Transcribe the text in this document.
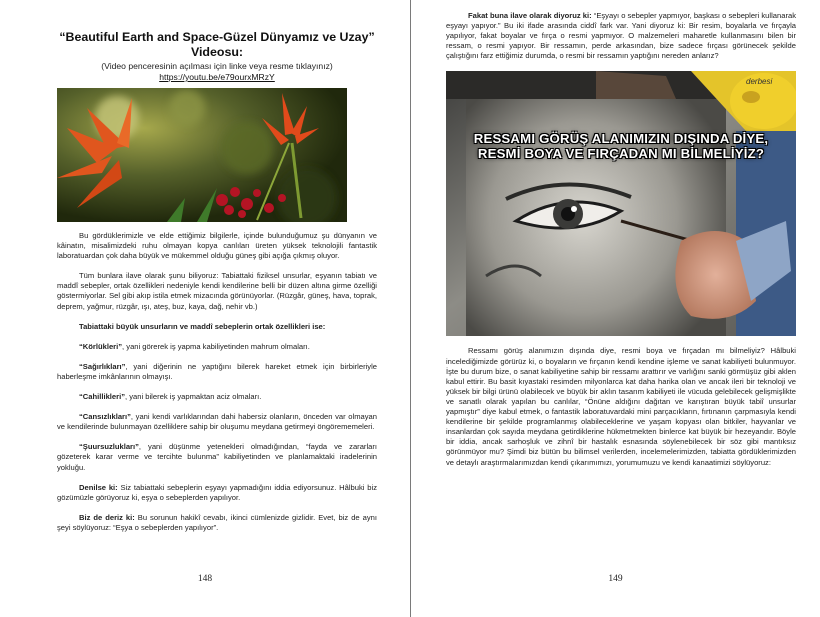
“Beautiful Earth and Space-Güzel Dünyamız ve Uzay” Videosu:
(Video penceresinin açılması için linke veya resme tıklayınız)
https://youtu.be/e79ourxMRzY

Bu gördüklerimizle ve elde ettiğimiz bilgilerle, içinde bulunduğumuz şu dünyanın ve kâinatın, misalimizdeki ruhu olmayan kopya canlıları üreten yüksek teknolojili fantastik laboratuardan çok daha büyük ve mükemmel olduğu güneş gibi açığa çıkmış oluyor.

Tüm bunlara ilave olarak şunu biliyoruz: Tabiattaki fiziksel unsurlar, eşyanın tabiatı ve maddî sebepler, ortak özellikleri nedeniyle kendi kendilerine belli bir düzen altına girme özelliği göstermiyorlar. Sel gibi akıp istila etmek mizacında görünüyorlar. (Rüzgâr, güneş, hava, toprak, deprem, yağmur, rüzgâr, ışı, ateş, buz, kaya, dağ, nehir vb.)

Tabiattaki büyük unsurların ve maddî sebeplerin ortak özellikleri ise:

“Körlükleri”, yani görerek iş yapma kabiliyetinden mahrum olmaları.

“Sağırlıkları”, yani diğerinin ne yaptığını bilerek hareket etmek için birbirleriyle haberleşme imkânlarının olmayışı.

“Cahillikleri”, yani bilerek iş yapmaktan aciz olmaları.

“Cansızlıkları”, yani kendi varlıklarından dahi habersiz olanların, önceden var olmayan ve kendilerinde bulunmayan özelliklere sahip bir oluşumu meydana getirmeyi öngörememeleri.

“Şuursuzlukları”, yani düşünme yetenekleri olmadığından, “fayda ve zararları gözeterek karar verme ve tercihte bulunma” kabiliyetinden ve planlamaktaki iradelerinin yokluğu.

Denilse ki: Siz tabiattaki sebeplerin eşyayı yapmadığını iddia ediyorsunuz. Hâlbuki biz gözümüzle görüyoruz ki, eşya o sebeplerden yapılıyor.

Biz de deriz ki: Bu sorunun hakikî cevabı, ikinci cümlenizde gizlidir. Evet, biz de aynı şeyi söylüyoruz: “Eşya o sebeplerden yapılıyor”.

148

Fakat buna ilave olarak diyoruz ki: “Eşyayı o sebepler yapmıyor, başkası o sebepleri kullanarak eşyayı yapıyor.” Bu iki ifade arasında ciddî fark var. Yani diyoruz ki: Bir resim, boyalarla ve fırçayla yapılıyor, fakat boyalar ve fırça o resmi yapmıyor. O malzemeleri maharetle kullanmasını bilen bir ressam, o resmi yapıyor. Bir ressamın, perde arkasından, bize sadece fırçası görünecek şekilde çalıştığını farz ettiğimiz durumda, o resmi bir ressamın yaptığını nereden anlarız?

RESSAMI GÖRÜŞ ALANIMIZIN DIŞINDA DİYE,
RESMİ BOYA VE FIRÇADAN MI BİLMELİYİZ?
derbesi

Ressamı görüş alanımızın dışında diye, resmi boya ve fırçadan mı bilmeliyiz? Hâlbuki incelediğimizde görürüz ki, o boyaların ve fırçanın kendi kendine işleme ve sanat kabiliyeti bulunmuyor. İşte bu durum bize, o sanat kabiliyetine sahip bir ressamı arattırır ve varlığını sanki görmüşüz gibi aklen kabul ettirir. Bu basit kıyastaki resimden milyonlarca kat daha harika olan ve ancak ileri bir teknoloji ve yüksek bir bilgi ürünü olabilecek ve büyük bir aklın tasarım kabiliyeti ile vücuda gelebilecek gelişmişlikte ve sanatlı olarak yapılan bu canlılar, “Önüne aldığını dağıtan ve karıştıran büyük tabiî unsurlar yapmıştır” diye kabul etmek, o fantastik laboratuvardaki mini parçacıkların, fırtınanın çarpmasıyla kendi kendilerine bir şekilde programlanmış olabileceklerine ve yaşam kopyası olan bitkiler, hayvanlar ve insanlardan çok sayıda meydana getirdiklerine hükmetmekten binlerce kat büyük bir hezeyandır. Böyle bir iddia, ancak sarhoşluk ve zihnî bir hastalık esnasında söylenebilecek bir söz gibi mantıksız görünmüyor mu? Şimdi biz bütün bu bilimsel verilerden, incelemelerimizden, tabiatta gördüklerimizden ve detaylı araştırmalarımızdan kendi çıkarımımızı, yorumumuzu ve kendi kanaatimizi söylüyoruz:

149
